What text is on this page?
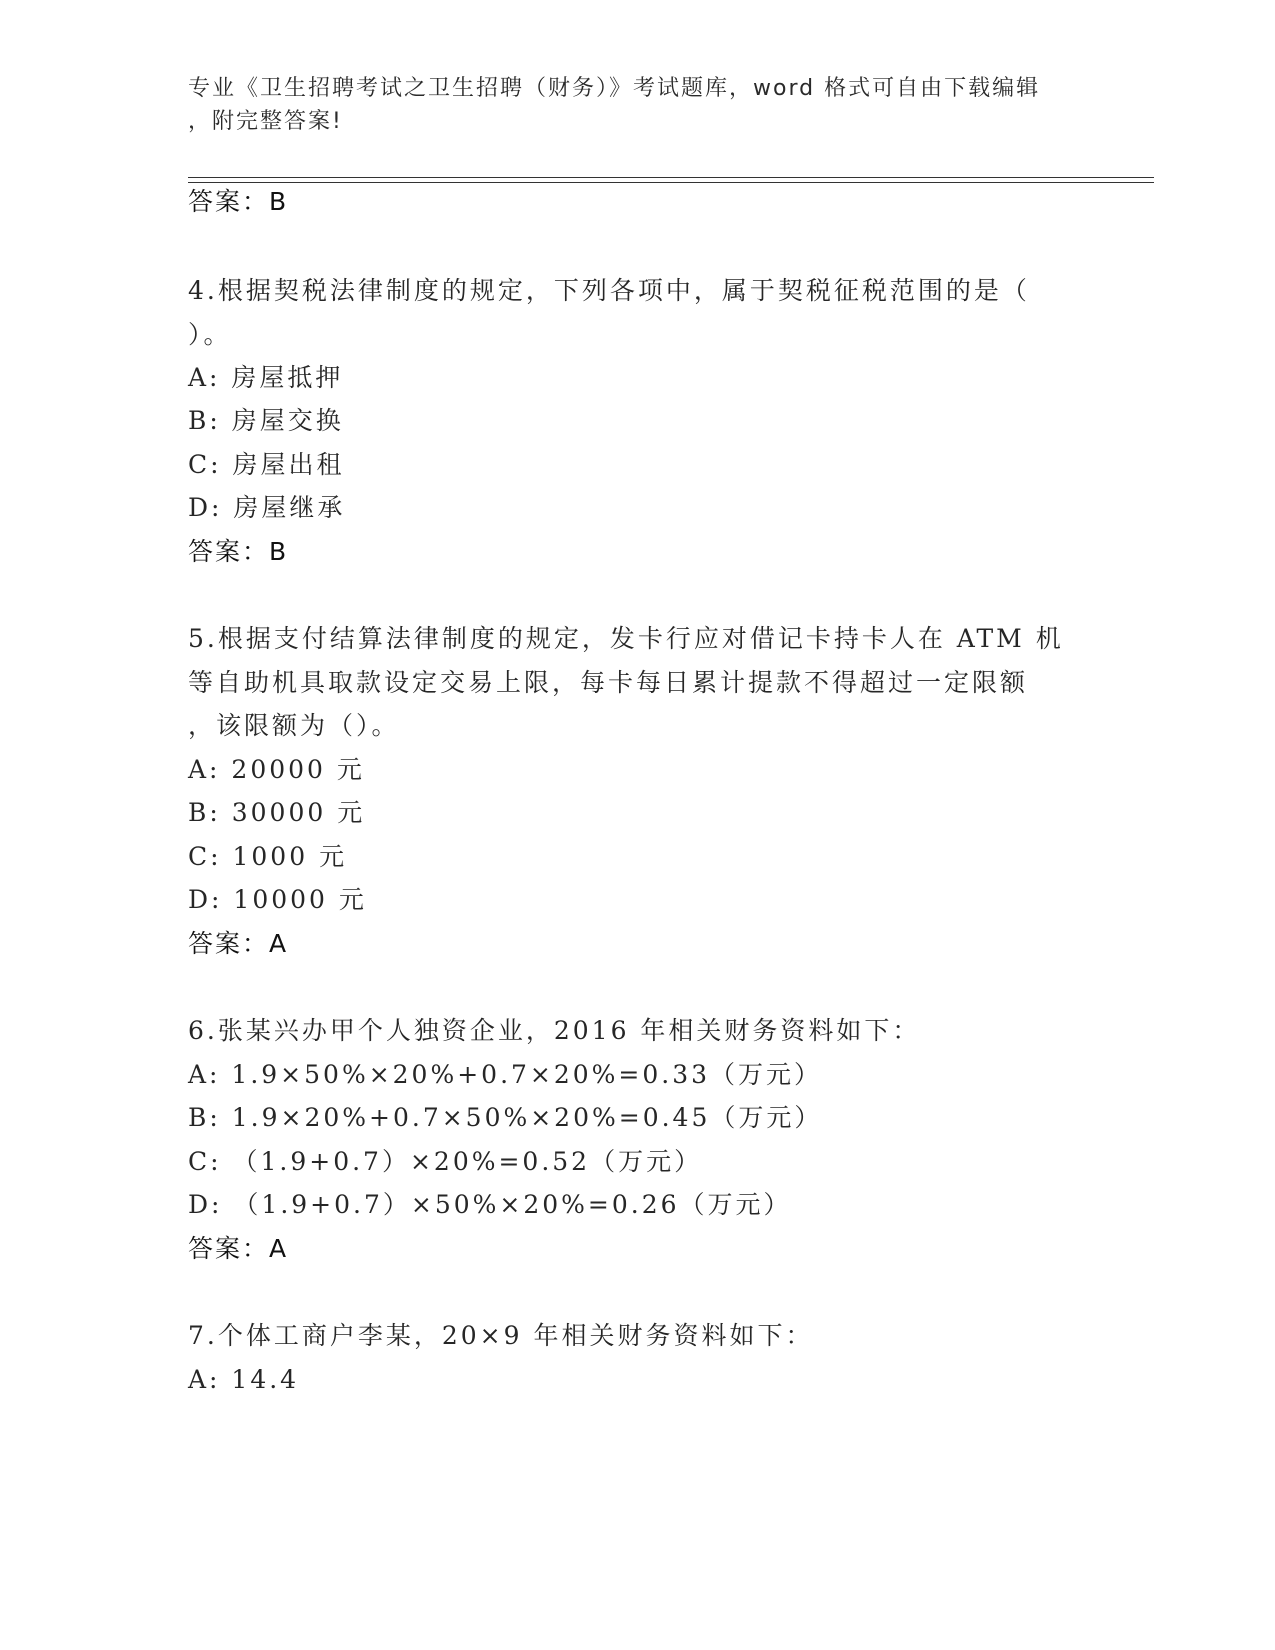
专业《卫生招聘考试之卫生招聘（财务）》考试题库，word 格式可自由下载编辑
，附完整答案!
答案：B
4.根据契税法律制度的规定，下列各项中，属于契税征税范围的是（
）。
A: 房屋抵押
B: 房屋交换
C: 房屋出租
D: 房屋继承
答案：B
5.根据支付结算法律制度的规定，发卡行应对借记卡持卡人在 ATM 机
等自助机具取款设定交易上限，每卡每日累计提款不得超过一定限额
，该限额为（）。
A: 20000 元
B: 30000 元
C: 1000 元
D: 10000 元
答案：A
6.张某兴办甲个人独资企业，2016 年相关财务资料如下：
A: 1.9×50%×20%+0.7×20%=0.33（万元）
B: 1.9×20%+0.7×50%×20%=0.45（万元）
C: （1.9+0.7）×20%=0.52（万元）
D: （1.9+0.7）×50%×20%=0.26（万元）
答案：A
7.个体工商户李某，20×9 年相关财务资料如下：
A: 14.4
